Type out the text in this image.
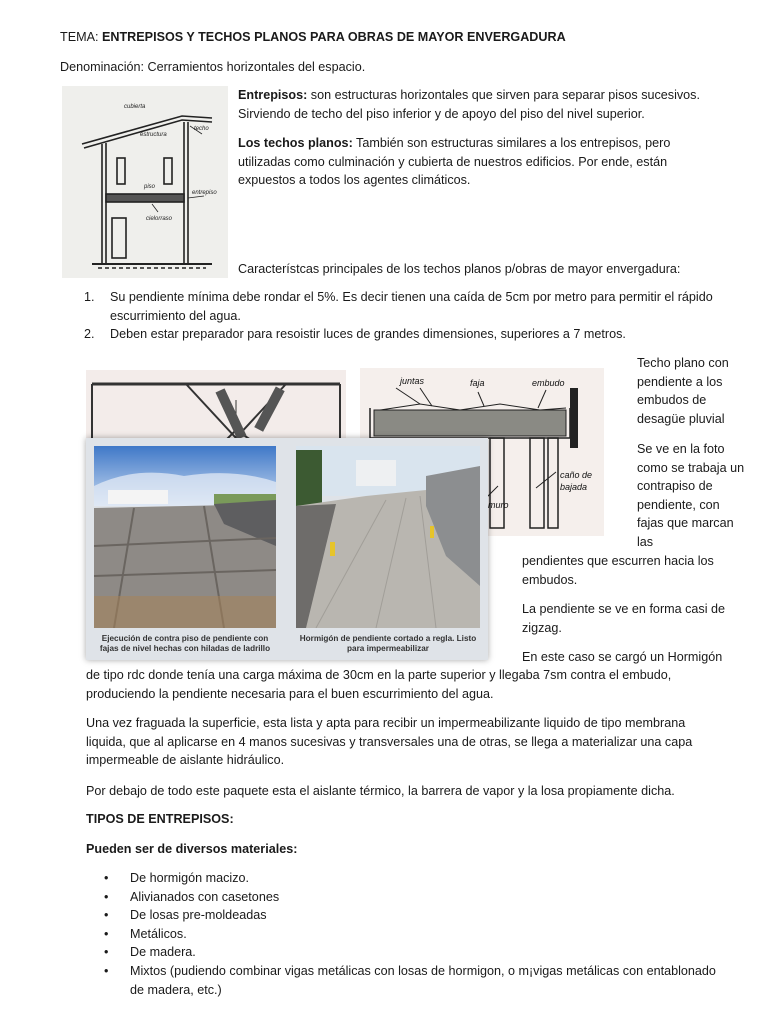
TEMA: ENTREPISOS Y TECHOS PLANOS PARA OBRAS DE MAYOR ENVERGADURA

Denominación: Cerramientos horizontales del espacio.

cubierta
techo
estructura
piso
entrepiso
cielorraso

Entrepisos: son estructuras horizontales que sirven para separar pisos sucesivos. Sirviendo de techo del piso inferior y de apoyo del piso del nivel superior.

Los techos planos: También son estructuras similares a los entrepisos, pero utilizadas como culminación y cubierta de nuestros edificios. Por ende, están expuestos a todos los agentes climáticos.

Característcas principales de los techos planos p/obras de mayor envergadura:

1. Su pendiente mínima debe rondar el 5%. Es decir tienen una caída de 5cm por metro para permitir el rápido escurrimiento del agua.
2. Deben estar preparador para resoistir luces de grandes dimensiones, superiores a 7 metros.
juntas	faja	embudo
muro
caño de
bajada
Ejecución de contra piso de pendiente con fajas de nivel hechas con hiladas de ladrillo
Hormigón de pendiente cortado a regla. Listo para impermeabilizar

Techo plano con pendiente a los embudos de desagüe pluvial

Se ve en la foto como se trabaja un contrapiso de pendiente, con fajas que marcan las

pendientes que escurren hacia los embudos.

La pendiente se ve en forma casi de zigzag.

En este caso se cargó un Hormigón

de tipo rdc donde tenía una carga máxima de 30cm en la parte superior y llegaba 7sm contra el embudo, produciendo la pendiente necesaria para el buen escurrimiento del agua.

Una vez fraguada la superficie, esta lista y apta para recibir un impermeabilizante liquido de tipo membrana liquida, que al aplicarse en 4 manos sucesivas y transversales una de otras, se llega a materializar una capa impermeable de aislante hidráulico.

Por debajo de todo este paquete esta el aislante térmico, la barrera de vapor y la losa propiamente dicha.

TIPOS DE ENTREPISOS:

Pueden ser de diversos materiales:

• De hormigón macizo.
• Alivianados con casetones
• De losas pre-moldeadas
• Metálicos.
• De madera.
• Mixtos (pudiendo combinar vigas metálicas con losas de hormigon, o m¡vigas metálicas con entablonado de madera, etc.)
